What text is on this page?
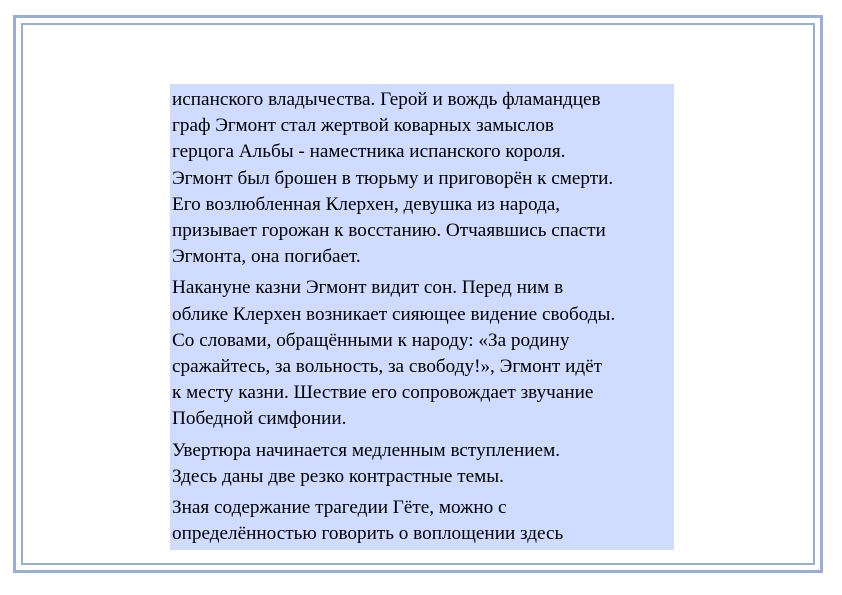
испанского владычества. Герой и вождь фламандцев
граф Эгмонт стал жертвой коварных замыслов
герцога Альбы - наместника испанского короля.
Эгмонт был брошен в тюрьму и приговорён к смерти.
Его возлюбленная Клерхен, девушка из народа,
призывает горожан к восстанию. Отчаявшись спасти
Эгмонта, она погибает.

Накануне казни Эгмонт видит сон. Перед ним в
облике Клерхен возникает сияющее видение свободы.
Со словами, обращёнными к народу: «За родину
сражайтесь, за вольность, за свободу!», Эгмонт идёт
к месту казни. Шествие его сопровождает звучание
Победной симфонии.

Увертюра начинается медленным вступлением.
Здесь даны две резко контрастные темы.

Зная содержание трагедии Гёте, можно с
определённостью говорить о воплощении здесь
